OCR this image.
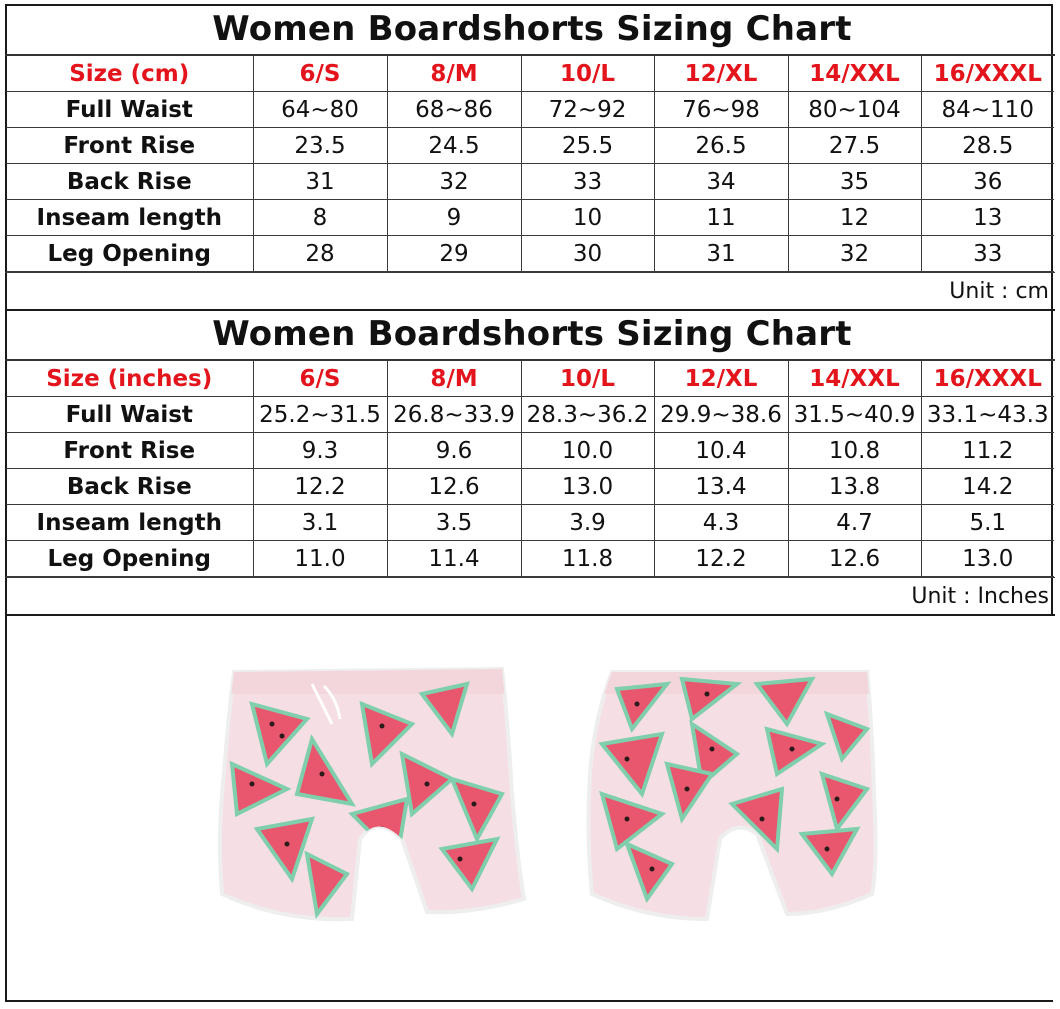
Women Boardshorts Sizing Chart
Size (cm)	6/S	8/M	10/L	12/XL	14/XXL	16/XXXL
Full Waist	64~80	68~86	72~92	76~98	80~104	84~110
Front Rise	23.5	24.5	25.5	26.5	27.5	28.5
Back Rise	31	32	33	34	35	36
Inseam length	8	9	10	11	12	13
Leg Opening	28	29	30	31	32	33
Unit : cm
Women Boardshorts Sizing Chart
Size (inches)	6/S	8/M	10/L	12/XL	14/XXL	16/XXXL
Full Waist	25.2~31.5	26.8~33.9	28.3~36.2	29.9~38.6	31.5~40.9	33.1~43.3
Front Rise	9.3	9.6	10.0	10.4	10.8	11.2
Back Rise	12.2	12.6	13.0	13.4	13.8	14.2
Inseam length	3.1	3.5	3.9	4.3	4.7	5.1
Leg Opening	11.0	11.4	11.8	12.2	12.6	13.0
Unit : Inches
